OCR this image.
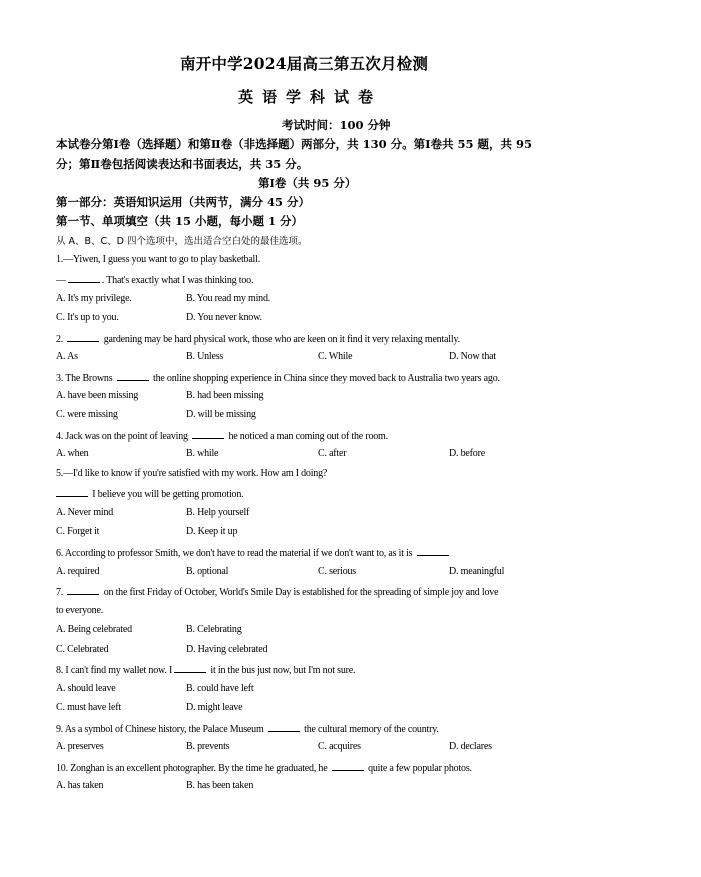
南开中学2024届高三第五次月检测
英语学科试卷
考试时间：100 分钟
本试卷分第Ⅰ卷（选择题）和第Ⅱ卷（非选择题）两部分，共 130 分。第Ⅰ卷共 55 题，共 95
分；第Ⅱ卷包括阅读表达和书面表达，共 35 分。
第Ⅰ卷（共 95 分）
第一部分：英语知识运用（共两节，满分 45 分）
第一节、单项填空（共 15 小题，每小题 1 分）
从 A、B、C、D 四个选项中，选出适合空白处的最佳选项。
1.—Yiwen, I guess you want to go to play basketball.
—	. That's exactly what I was thinking too.
A. It's my privilege.	B. You read my mind.
C. It's up to you.	D. You never know.
2.	gardening may be hard physical work, those who are keen on it find it very relaxing mentally.
A. As	B. Unless	C. While	D. Now that
3. The Browns	the online shopping experience in China since they moved back to Australia two years ago.
A. have been missing	B. had been missing
C. were missing	D. will be missing
4. Jack was on the point of leaving	he noticed a man coming out of the room.
A. when	B. while	C. after	D. before
5.—I'd like to know if you're satisfied with my work. How am I doing?
I believe you will be getting promotion.
A. Never mind	B. Help yourself
C. Forget it	D. Keep it up
6. According to professor Smith, we don't have to read the material if we don't want to, as it is
A. required	B. optional	C. serious	D. meaningful
7.	on the first Friday of October, World's Smile Day is established for the spreading of simple joy and love
to everyone.
A. Being celebrated	B. Celebrating
C. Celebrated	D. Having celebrated
8. I can't find my wallet now. I	it in the bus just now, but I'm not sure.
A. should leave	B. could have left
C. must have left	D. might leave
9. As a symbol of Chinese history, the Palace Museum	the cultural memory of the country.
A. preserves	B. prevents	C. acquires	D. declares
10. Zonghan is an excellent photographer. By the time he graduated, he	quite a few popular photos.
A. has taken	B. has been taken
